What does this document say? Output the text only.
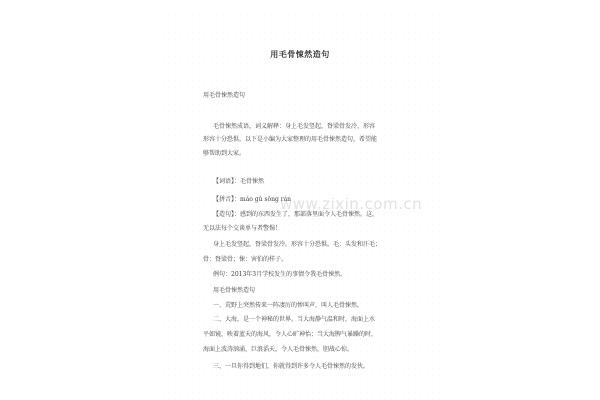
用毛骨悚然造句
用毛骨悚然造句
毛骨悚然成语，词义解释：身上毛发竖起，脊梁骨发冷，形容
形容十分恐惧。以下是小编为大家整理的用毛骨悚然造句，希望能
够帮助到大家。
【词语】：毛骨悚然
【拼音】：máo gǔ sǒng rán
【造句】：感到的东西发生了，那部落里面令人毛骨悚然。这，
无以法每个交谈单与者警惕！
身上毛发竖起，脊梁骨发冷。形容十分恐惧。毛：头发和汗毛；
骨：脊梁骨；悚：害怕的样子。
例句：2013年3月学校发生的事情令我毛骨悚然。
用毛骨悚然造句
一、荒野上突然传来一阵凄厉的惨叫声，叫人毛骨悚然。
二、大海，是一个神秘的世界。当大海静气温和时，海面上水
平如镜，映着蓝天的海风，令人心旷神怡；当大海脾气暴躁的时，
海面上波涛汹涌，巨浪滔天，令人毛骨悚然，胆战心惊。
三、一旦你得到地们，你就得到许多令人毛骨悚然的发伙。
www.zixin.com.cn
